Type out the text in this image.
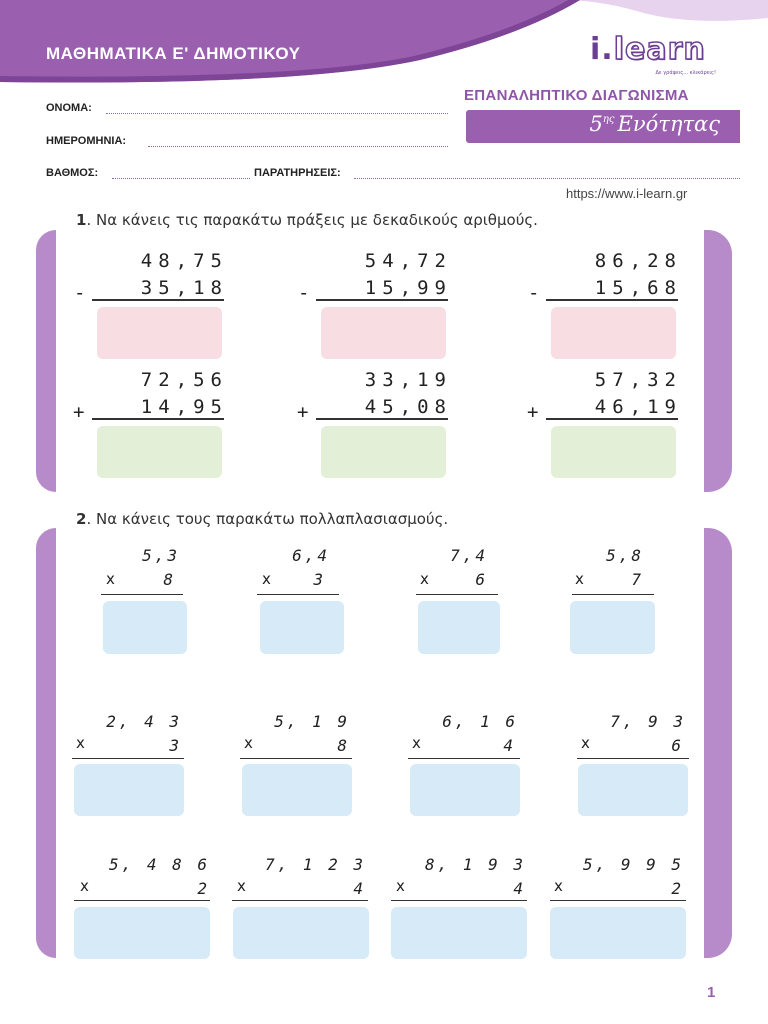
ΜΑΘΗΜΑΤΙΚΑ Ε' ΔΗΜΟΤΙΚΟΥ	i.learn
Δε γράφεις... κλικάρεις!
ΟΝΟΜΑ:
ΗΜΕΡΟΜΗΝΙΑ:
ΒΑΘΜΟΣ:	ΠΑΡΑΤΗΡΗΣΕΙΣ:
ΕΠΑΝΑΛΗΠΤΙΚΟ ΔΙΑΓΩΝΙΣΜΑ
$5^{\eta\varsigma}$ Ενότητας
https://www.i-learn.gr
1. Να κάνεις τις παρακάτω πράξεις με δεκαδικούς αριθμούς.
48,75
-	35,18
54,72
-	15,99
86,28
-	15,68
72,56
+	14,95
33,19
+	45,08
57,32
+	46,19
2. Να κάνεις τους παρακάτω πολλαπλασιασμούς.
5,3
x	8
6,4
x	3
7,4
x	6
5,8
x	7
2, 4 3
x	3
5, 1 9
x	8
6, 1 6
x	4
7, 9 3
x	6
5, 4 8 6
x	2
7, 1 2 3
x	4
8, 1 9 3
x	4
5, 9 9 5
x	2
1
